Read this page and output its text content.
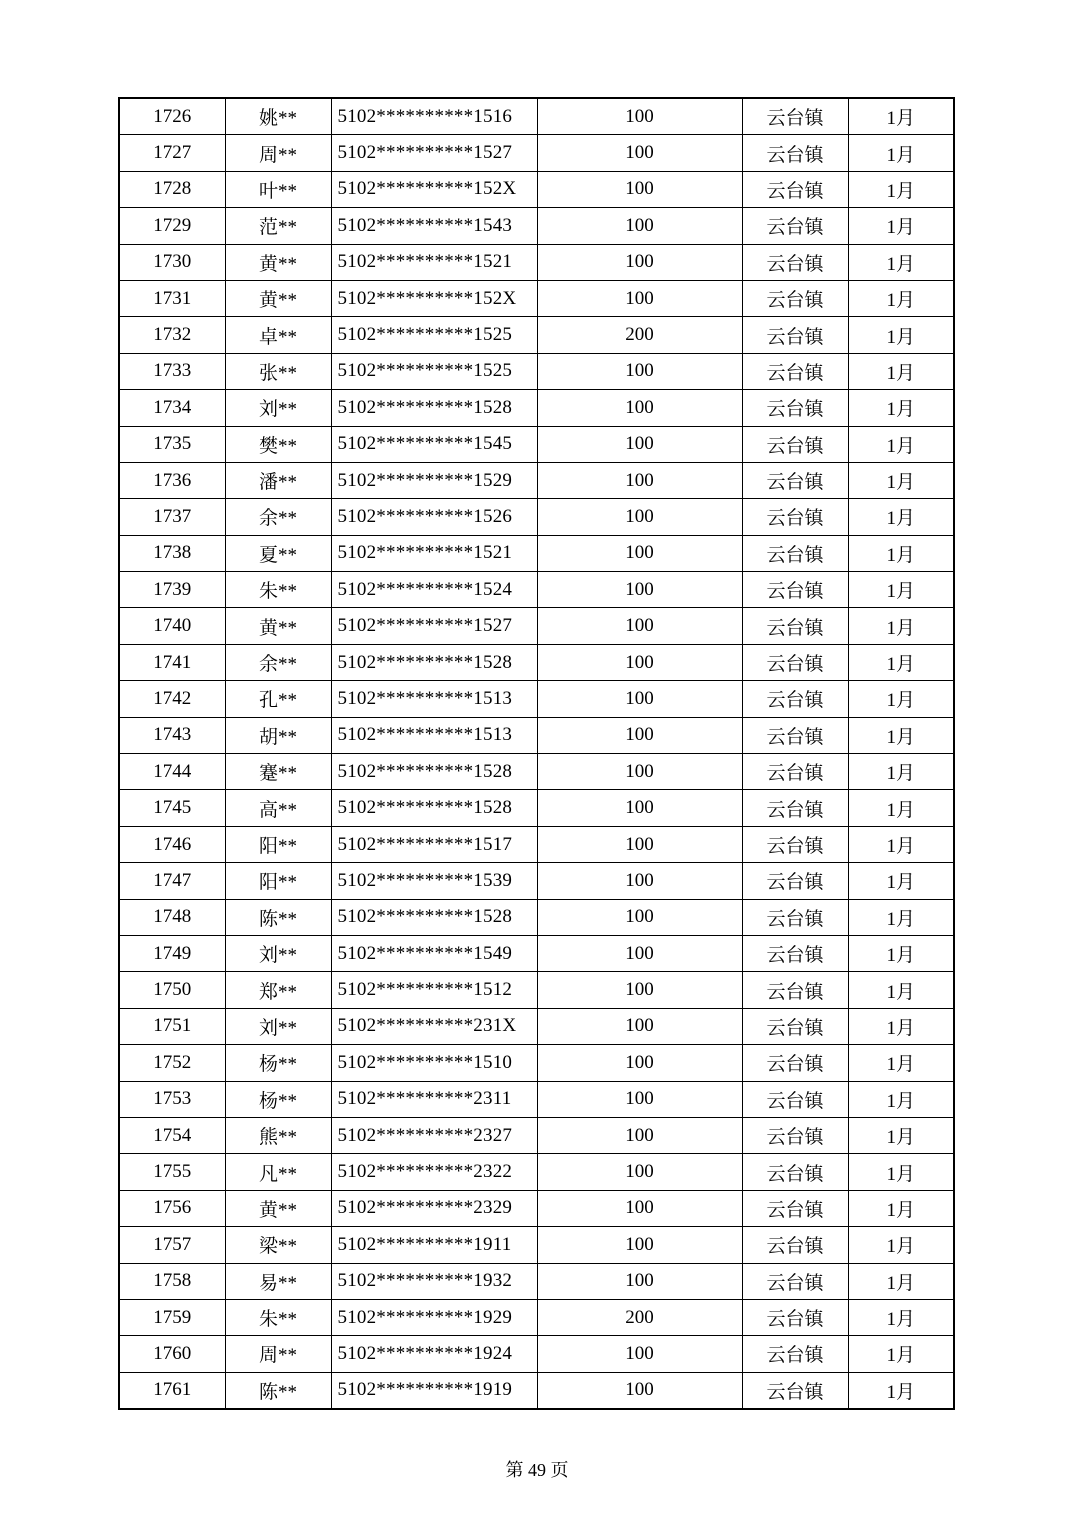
1726	姚**	5102**********1516	100	云台镇	1月
1727	周**	5102**********1527	100	云台镇	1月
1728	叶**	5102**********152X	100	云台镇	1月
1729	范**	5102**********1543	100	云台镇	1月
1730	黄**	5102**********1521	100	云台镇	1月
1731	黄**	5102**********152X	100	云台镇	1月
1732	卓**	5102**********1525	200	云台镇	1月
1733	张**	5102**********1525	100	云台镇	1月
1734	刘**	5102**********1528	100	云台镇	1月
1735	樊**	5102**********1545	100	云台镇	1月
1736	潘**	5102**********1529	100	云台镇	1月
1737	余**	5102**********1526	100	云台镇	1月
1738	夏**	5102**********1521	100	云台镇	1月
1739	朱**	5102**********1524	100	云台镇	1月
1740	黄**	5102**********1527	100	云台镇	1月
1741	余**	5102**********1528	100	云台镇	1月
1742	孔**	5102**********1513	100	云台镇	1月
1743	胡**	5102**********1513	100	云台镇	1月
1744	蹇**	5102**********1528	100	云台镇	1月
1745	高**	5102**********1528	100	云台镇	1月
1746	阳**	5102**********1517	100	云台镇	1月
1747	阳**	5102**********1539	100	云台镇	1月
1748	陈**	5102**********1528	100	云台镇	1月
1749	刘**	5102**********1549	100	云台镇	1月
1750	郑**	5102**********1512	100	云台镇	1月
1751	刘**	5102**********231X	100	云台镇	1月
1752	杨**	5102**********1510	100	云台镇	1月
1753	杨**	5102**********2311	100	云台镇	1月
1754	熊**	5102**********2327	100	云台镇	1月
1755	凡**	5102**********2322	100	云台镇	1月
1756	黄**	5102**********2329	100	云台镇	1月
1757	梁**	5102**********1911	100	云台镇	1月
1758	易**	5102**********1932	100	云台镇	1月
1759	朱**	5102**********1929	200	云台镇	1月
1760	周**	5102**********1924	100	云台镇	1月
1761	陈**	5102**********1919	100	云台镇	1月
第 49 页
